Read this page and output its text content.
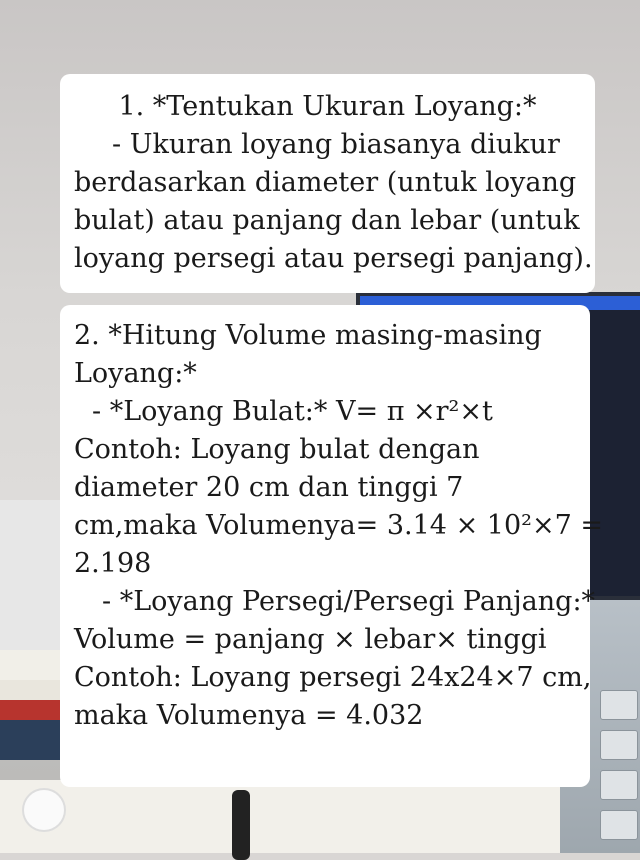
1. *Tentukan Ukuran Loyang:*
- Ukuran loyang biasanya diukur
berdasarkan diameter (untuk loyang
bulat) atau panjang dan lebar (untuk
loyang persegi atau persegi panjang).
2. *Hitung Volume masing-masing
Loyang:*
- *Loyang Bulat:* V= π ×r²×t
Contoh: Loyang bulat dengan
diameter 20 cm dan tinggi 7
cm,maka Volumenya= 3.14 × 10²×7 =
2.198
- *Loyang Persegi/Persegi Panjang:*
Volume = panjang × lebar× tinggi
Contoh: Loyang persegi 24x24×7 cm,
maka Volumenya = 4.032
